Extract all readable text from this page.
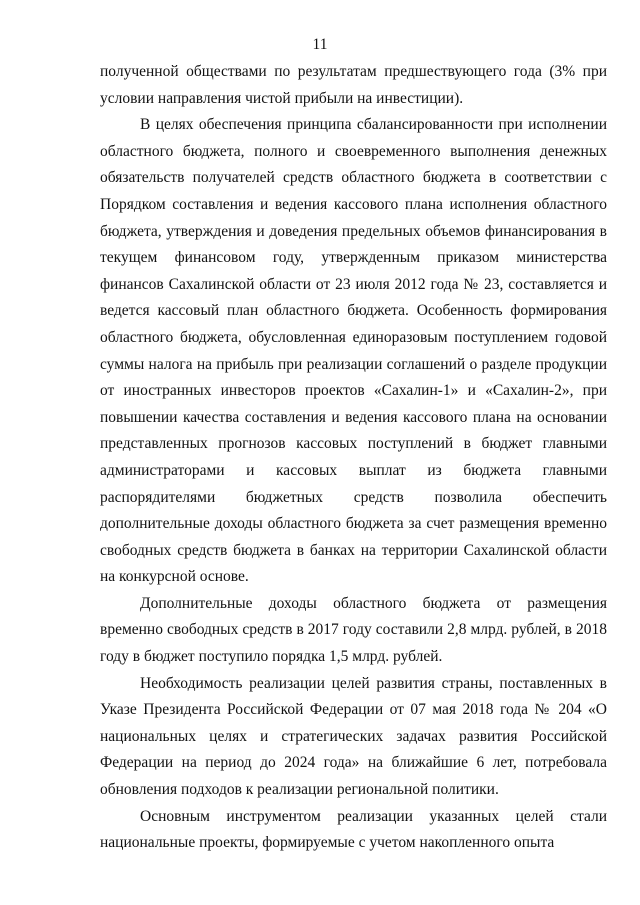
11

полученной обществами по результатам предшествующего года (3% при условии направления чистой прибыли на инвестиции).

В целях обеспечения принципа сбалансированности при исполнении областного бюджета, полного и своевременного выполнения денежных обязательств получателей средств областного бюджета в соответствии с Порядком составления и ведения кассового плана исполнения областного бюджета, утверждения и доведения предельных объемов финансирования в текущем финансовом году, утвержденным приказом министерства финансов Сахалинской области от 23 июля 2012 года № 23, составляется и ведется кассовый план областного бюджета. Особенность формирования областного бюджета, обусловленная единоразовым поступлением годовой суммы налога на прибыль при реализации соглашений о разделе продукции от иностранных инвесторов проектов «Сахалин-1» и «Сахалин-2», при повышении качества составления и ведения кассового плана на основании представленных прогнозов кассовых поступлений в бюджет главными администраторами и кассовых выплат из бюджета главными распорядителями бюджетных средств позволила обеспечить дополнительные доходы областного бюджета за счет размещения временно свободных средств бюджета в банках на территории Сахалинской области на конкурсной основе.

Дополнительные доходы областного бюджета от размещения временно свободных средств в 2017 году составили 2,8 млрд. рублей, в 2018 году в бюджет поступило порядка 1,5 млрд. рублей.

Необходимость реализации целей развития страны, поставленных в Указе Президента Российской Федерации от 07 мая 2018 года № 204 «О национальных целях и стратегических задачах развития Российской Федерации на период до 2024 года» на ближайшие 6 лет, потребовала обновления подходов к реализации региональной политики.

Основным инструментом реализации указанных целей стали национальные проекты, формируемые с учетом накопленного опыта
